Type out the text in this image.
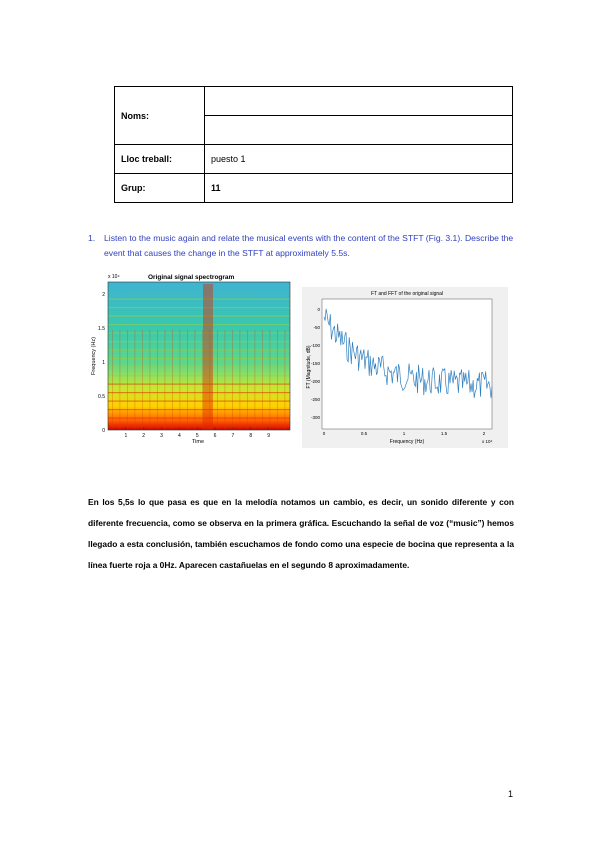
Noms:	

Lloc treball:	puesto 1
Grup:	11
1. Listen to the music again and relate the musical events with the content of the STFT (Fig. 3.1). Describe the event that causes the change in the STFT at approximately 5.5s.
Original signal spectrogram
x 10⁴
Time
Frequency (Hz)
2
1.5
1
0.5
0
1	2	3	4	5	6	7	8	9
FT and FFT of the original signal
Frequency (Hz)	x 10⁴
FT (Magnitude, dB)
0
-50
-100
-150
-200
-250
-300
0	0.5	1	1.5	2
En los 5,5s lo que pasa es que en la melodía notamos un cambio, es decir, un sonido diferente y con diferente frecuencia, como se observa en la primera gráfica. Escuchando la señal de voz (“music”) hemos llegado a esta conclusión, también escuchamos de fondo como una especie de bocina que representa a la línea fuerte roja a 0Hz. Aparecen castañuelas en el segundo 8 aproximadamente.
1
